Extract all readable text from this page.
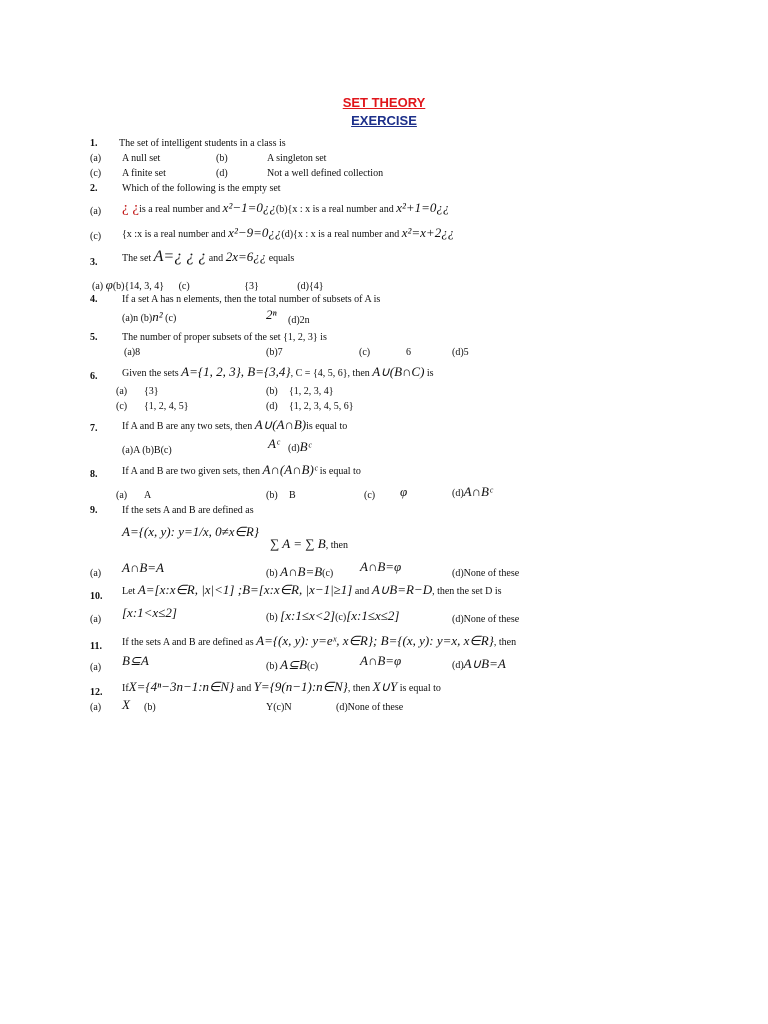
SET THEORY
EXERCISE
1. The set of intelligent students in a class is
(a) A null set	(b)	A singleton set
(c) A finite set	(d)	Not a well defined collection
2. Which of the following is the empty set
(a) ¿ ¿is a real number and x²−1=0¿¿(b){x : x is a real number and x²+1=0¿¿
(c) {x :x is a real number and x²−9=0¿¿(d){x : x is a real number and x²=x+2¿¿
3. The set A=¿ ¿ ¿ and 2x=6¿¿ equals
(a) φ(b){14, 3, 4} (c)	{3}	(d){4}
4. If a set A has n elements, then the total number of subsets of A is
(a)n (b)n² (c)	2ⁿ (d)2n
5. The number of proper subsets of the set {1, 2, 3} is
(a)8	(b)7	(c)	6	(d)5
6. Given the sets A={1, 2, 3}, B={3,4}, C = {4, 5, 6}, then A∪(B∩C) is
(a) {3}	(b) {1, 2, 3, 4}
(c) {1, 2, 4, 5}	(d) {1, 2, 3, 4, 5, 6}
7. If A and B are any two sets, then A∪(A∩B)is equal to
(a)A (b)B(c)	Aᶜ (d)Bᶜ
8. If A and B are two given sets, then A∩(A∩B)ᶜ is equal to
(a) A	(b) B	(c) φ	(d)A∩Bᶜ
9. If the sets A and B are defined as
A={(x, y): y=1/x, 0≠x∈R}
∑ A = ∑ B, then
(a) A∩B=A	(b) A∩B=B(c) A∩B=φ	(d)None of these
10. Let A=[x:x∈R, |x|<1] ;B=[x:x∈R, |x−1|≥1] and A∪B=R−D, then the set D is
(a) [x:1<x≤2]	(b) [x:1≤x<2](c)[x:1≤x≤2]	(d)None of these
11. If the sets A and B are defined as A={(x, y): y=eˣ, x∈R}; B={(x, y): y=x, x∈R}, then
(a) B⊆A	(b) A⊆B(c)	A∩B=φ	(d)A∪B=A
12. IfX={4ⁿ−3n−1:n∈N} and Y={9(n−1):n∈N}, then X∪Y is equal to
(a) X (b)	Y(c)N	(d)None of these
